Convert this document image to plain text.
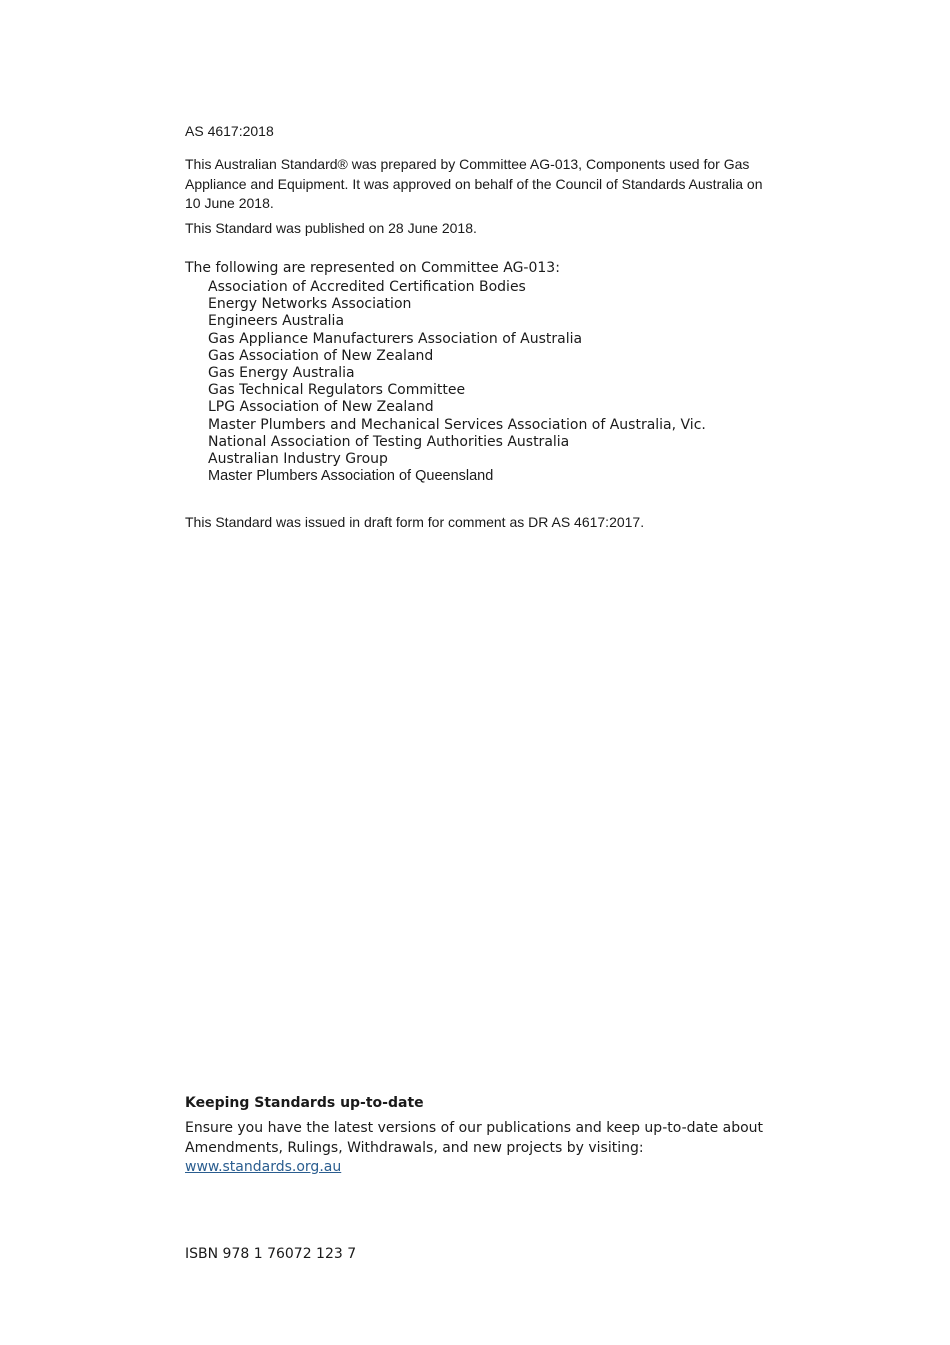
AS 4617:2018
This Australian Standard® was prepared by Committee AG-013, Components used for Gas Appliance and Equipment. It was approved on behalf of the Council of Standards Australia on 10 June 2018.
This Standard was published on 28 June 2018.
The following are represented on Committee AG-013:
Association of Accredited Certification Bodies
Energy Networks Association
Engineers Australia
Gas Appliance Manufacturers Association of Australia
Gas Association of New Zealand
Gas Energy Australia
Gas Technical Regulators Committee
LPG Association of New Zealand
Master Plumbers and Mechanical Services Association of Australia, Vic.
National Association of Testing Authorities Australia
Australian Industry Group
Master Plumbers Association of Queensland
This Standard was issued in draft form for comment as DR AS 4617:2017.
Keeping Standards up-to-date
Ensure you have the latest versions of our publications and keep up-to-date about Amendments, Rulings, Withdrawals, and new projects by visiting:
www.standards.org.au
ISBN 978 1 76072 123 7
